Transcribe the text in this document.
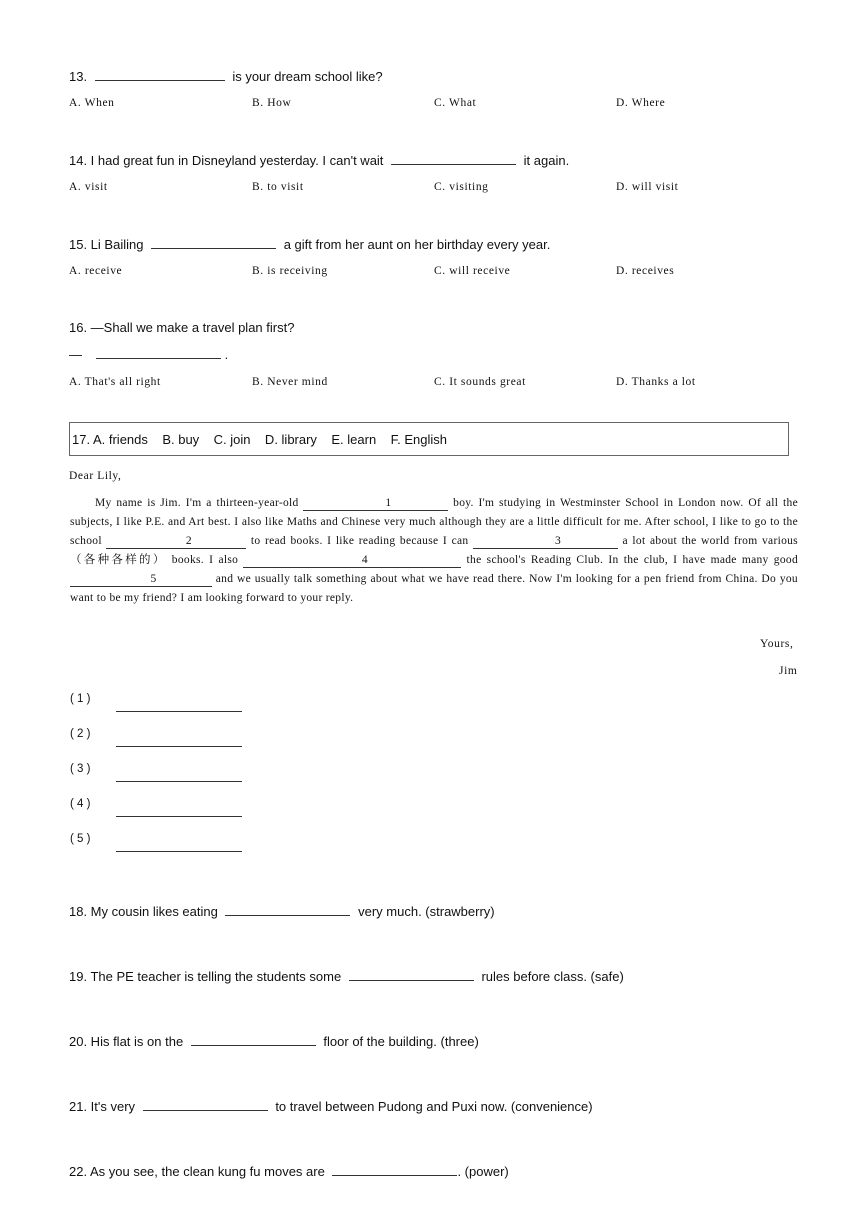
13.	is your dream school like?
A. When	B. How	C. What	D. Where
14. I had great fun in Disneyland yesterday. I can't wait	it again.
A. visit	B. to visit	C. visiting	D. will visit
15. Li Bailing	a gift from her aunt on her birthday every year.
A. receive	B. is receiving	C. will receive	D. receives
16. —Shall we make a travel plan first?
—	.
A. That's all right	B. Never mind	C. It sounds great	D. Thanks a lot
17. A. friends    B. buy    C. join    D. library    E. learn    F. English
Dear Lily,
My name is Jim. I'm a thirteen-year-old	1	boy. I'm studying in Westminster School in London now. Of all the subjects, I like P.E. and Art best. I also like Maths and Chinese very much although they are a little difficult for me. After school, I like to go to the school	2	to read books. I like reading because I can	3	a lot about the world from various （各种各样的） books. I also	4	the school's Reading Club. In the club, I have made many good 5	and we usually talk something about what we have read there. Now I'm looking for a pen friend from China. Do you want to be my friend? I am looking forward to your reply.
Yours,
Jim
( 1 )
( 2 )
( 3 )
( 4 )
( 5 )
18. My cousin likes eating	very much. (strawberry)
19. The PE teacher is telling the students some	rules before class. (safe)
20. His flat is on the	floor of the building. (three)
21. It's very	to travel between Pudong and Puxi now. (convenience)
22. As you see, the clean kung fu moves are	. (power)
